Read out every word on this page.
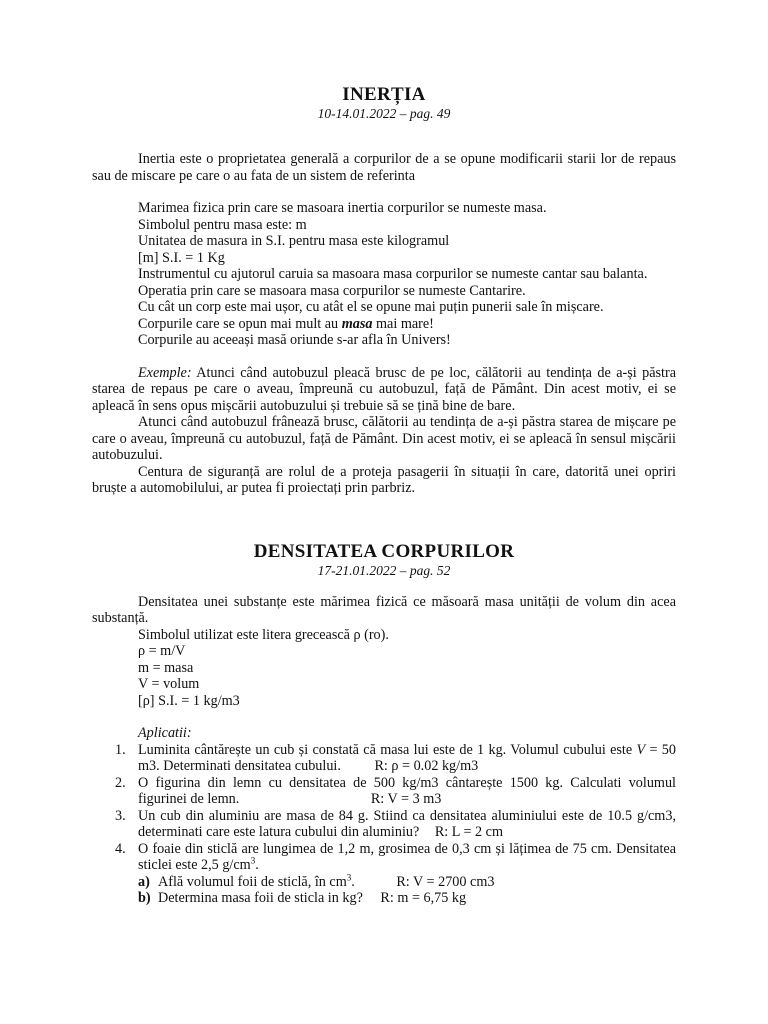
INERȚIA

10-14.01.2022 – pag. 49

Inertia este o proprietatea generală a corpurilor de a se opune modificarii starii lor de repaus sau de miscare pe care o au fata de un sistem de referinta

Marimea fizica prin care se masoara inertia corpurilor se numeste masa.

Simbolul pentru masa este: m

Unitatea de masura in S.I. pentru masa este kilogramul

[m] S.I. = 1 Kg

Instrumentul cu ajutorul caruia sa masoara masa corpurilor se numeste cantar sau balanta.

Operatia prin care se masoara masa corpurilor se numeste Cantarire.

Cu cât un corp este mai ușor, cu atât el se opune mai puțin punerii sale în mișcare.

Corpurile care se opun mai mult au masa mai mare!

Corpurile au aceeași masă oriunde s-ar afla în Univers!

Exemple: Atunci când autobuzul pleacă brusc de pe loc, călătorii au tendința de a-și păstra starea de repaus pe care o aveau, împreună cu autobuzul, față de Pământ. Din acest motiv, ei se apleacă în sens opus mișcării autobuzului și trebuie să se țină bine de bare.

Atunci când autobuzul frânează brusc, călătorii au tendința de a-și păstra starea de mișcare pe care o aveau, împreună cu autobuzul, față de Pământ. Din acest motiv, ei se apleacă în sensul mișcării autobuzului.

Centura de siguranță are rolul de a proteja pasagerii în situații în care, datorită unei opriri bruște a automobilului, ar putea fi proiectați prin parbriz.

DENSITATEA CORPURILOR

17-21.01.2022 – pag. 52

Densitatea unei substanțe este mărimea fizică ce măsoară masa unității de volum din acea substanță.

Simbolul utilizat este litera grecească ρ (ro).

ρ = m/V

m = masa

V = volum

[ρ] S.I. = 1 kg/m3

Aplicatii:

1. Luminita cântărește un cub și constată că masa lui este de 1 kg. Volumul cubului este V = 50 m3. Determinati densitatea cubului. R: ρ = 0.02 kg/m3
2. O figurina din lemn cu densitatea de 500 kg/m3 cântarește 1500 kg. Calculati volumul figurinei de lemn.	R: V = 3 m3
3. Un cub din aluminiu are masa de 84 g. Stiind ca densitatea aluminiului este de 10.5 g/cm3, determinati care este latura cubului din aluminiu? R: L = 2 cm
4. O foaie din sticlă are lungimea de 1,2 m, grosimea de 0,3 cm și lățimea de 75 cm. Densitatea sticlei este 2,5 $g/cm^3$.
a) Află volumul foii de sticlă, în $cm^3$.	R: V = 2700 cm3
b) Determina masa foii de sticla in kg? R: m = 6,75 kg
